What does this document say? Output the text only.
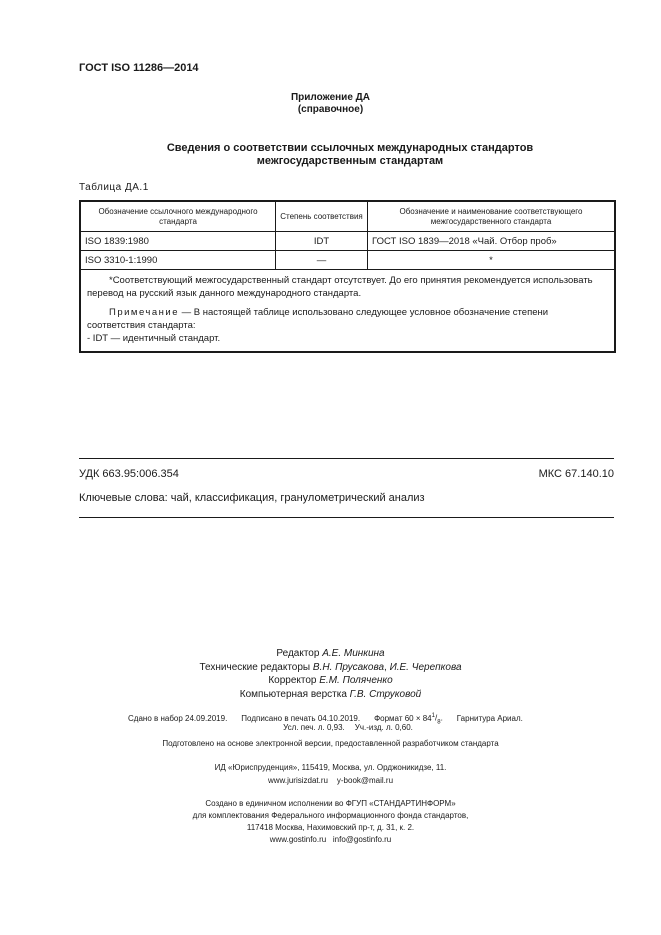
ГОСТ ISO 11286—2014
Приложение ДА
(справочное)
Сведения о соответствии ссылочных международных стандартов
межгосударственным стандартам
Таблица ДА.1
Обозначение ссылочного международного стандарта	Степень соответствия	Обозначение и наименование соответствующего межгосударственного стандарта
ISO 1839:1980	IDT	ГОСТ ISO 1839—2018 «Чай. Отбор проб»
ISO 3310-1:1990	—	*

*Соответствующий межгосударственный стандарт отсутствует. До его принятия рекомендуется использовать перевод на русский язык данного международного стандарта.

Примечание — В настоящей таблице использовано следующее условное обозначение степени соответствия стандарта:

- IDT — идентичный стандарт.		

УДК 663.95:006.354	МКС 67.140.10
Ключевые слова: чай, классификация, гранулометрический анализ
Редактор А.Е. Минкина
Технические редакторы В.Н. Прусакова, И.Е. Черепкова
Корректор Е.М. Поляченко
Компьютерная верстка Г.В. Струковой
Сдано в набор 24.09.2019. Подписано в печать 04.10.2019. Формат $60 \times 84^1/_8$. Гарнитура Ариал.
Усл. печ. л. 0,93. Уч.-изд. л. 0,60.
Подготовлено на основе электронной версии, предоставленной разработчиком стандарта
ИД «Юриспруденция», 115419, Москва, ул. Орджоникидзе, 11.
www.jurisizdat.ru y-book@mail.ru
Создано в единичном исполнении во ФГУП «СТАНДАРТИНФОРМ»
для комплектования Федерального информационного фонда стандартов,
117418 Москва, Нахимовский пр-т, д. 31, к. 2.
www.gostinfo.ru info@gostinfo.ru
